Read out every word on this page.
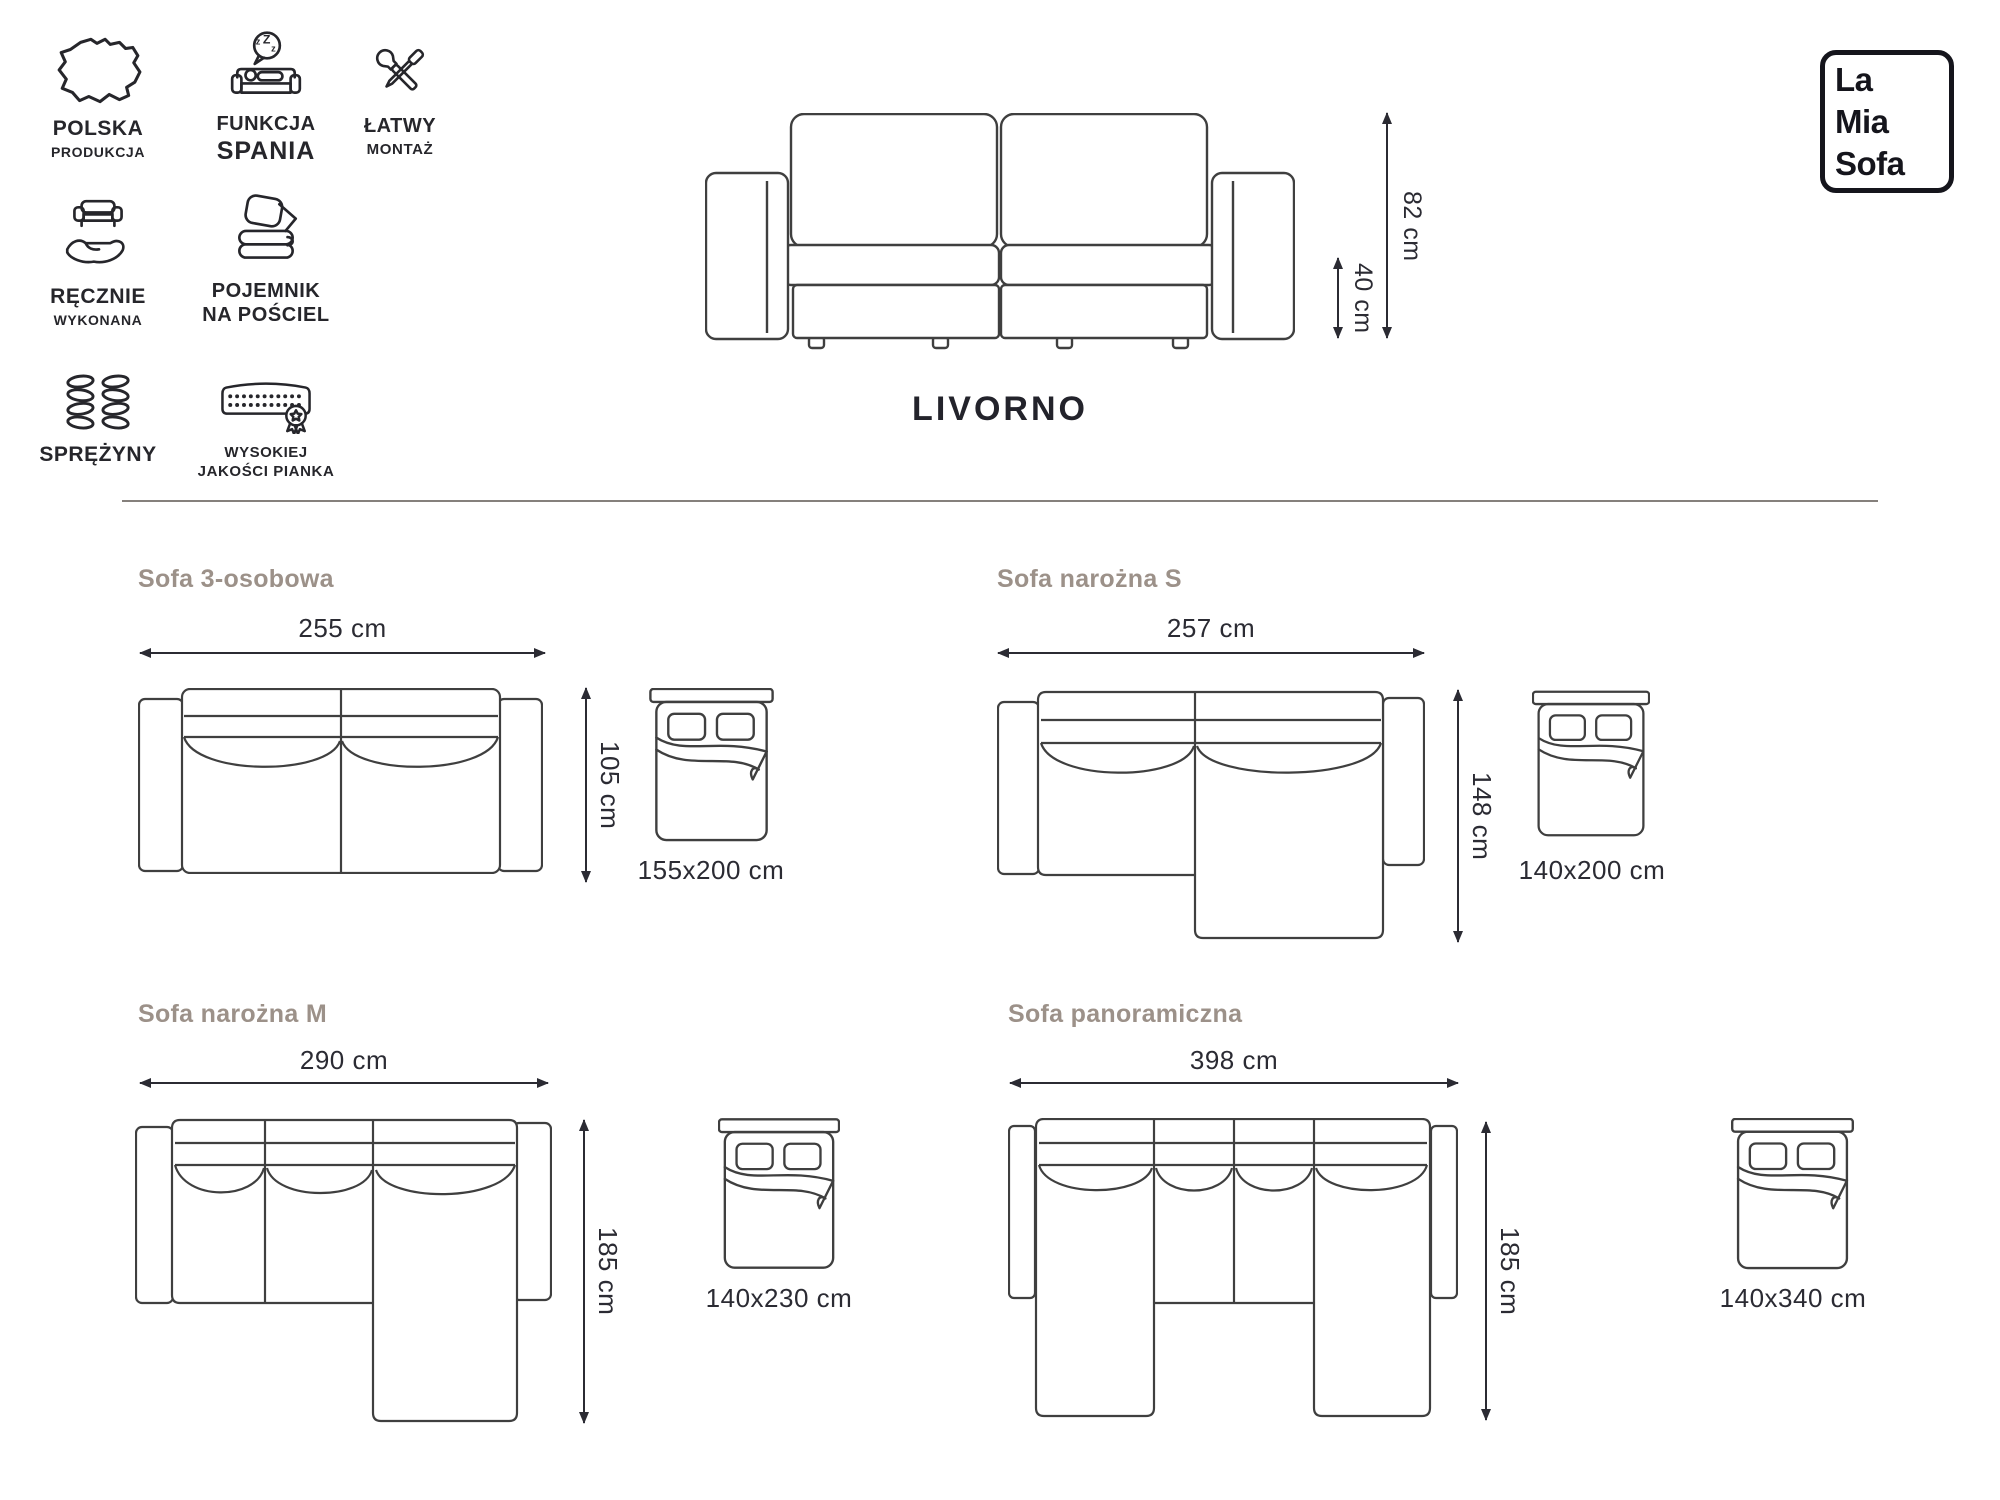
POLSKA
PRODUKCJA
z Z
z
FUNKCJA
SPANIA
ŁATWY
MONTAŻ
RĘCZNIE
WYKONANA
POJEMNIK
NA POŚCIEL
SPRĘŻYNY	WYSOKIEJ
JAKOŚCI PIANKA
82 cm
40 cm
LIVORNO
La
Mia
Sofa
Sofa 3-osobowa
255 cm
105 cm
155x200 cm
Sofa narożna S
257 cm
148 cm
140x200 cm
Sofa narożna M
290 cm
185 cm	140x230 cm
Sofa panoramiczna
398 cm
185 cm	140x340 cm
